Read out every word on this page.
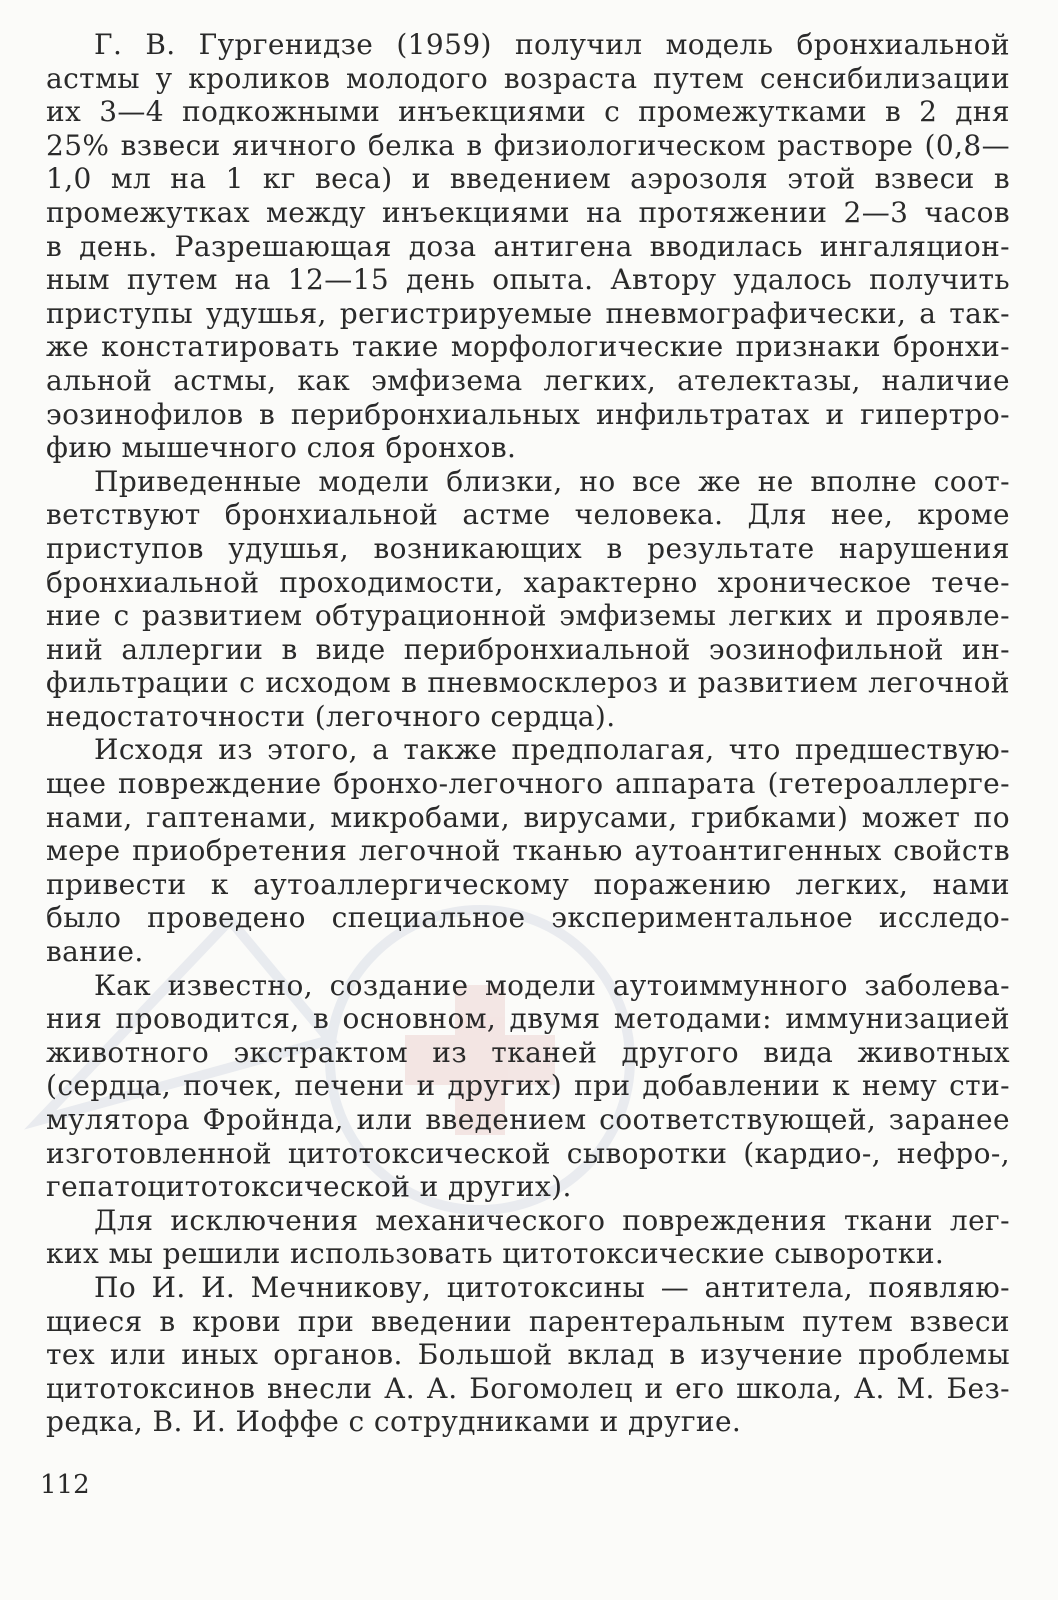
Г. В. Гургенидзе (1959) получил модель бронхиальной
астмы у кроликов молодого возраста путем сенсибилизации
их 3—4 подкожными инъекциями с промежутками в 2 дня
25% взвеси яичного белка в физиологическом растворе (0,8—
1,0 мл на 1 кг веса) и введением аэрозоля этой взвеси в
промежутках между инъекциями на протяжении 2—3 часов
в день. Разрешающая доза антигена вводилась ингаляцион-
ным путем на 12—15 день опыта. Автору удалось получить
приступы удушья, регистрируемые пневмографически, а так-
же констатировать такие морфологические признаки бронхи-
альной астмы, как эмфизема легких, ателектазы, наличие
эозинофилов в перибронхиальных инфильтратах и гипертро-
фию мышечного слоя бронхов.
Приведенные модели близки, но все же не вполне соот-
ветствуют бронхиальной астме человека. Для нее, кроме
приступов удушья, возникающих в результате нарушения
бронхиальной проходимости, характерно хроническое тече-
ние с развитием обтурационной эмфиземы легких и проявле-
ний аллергии в виде перибронхиальной эозинофильной ин-
фильтрации с исходом в пневмосклероз и развитием легочной
недостаточности (легочного сердца).
Исходя из этого, а также предполагая, что предшествую-
щее повреждение бронхо-легочного аппарата (гетероаллерге-
нами, гаптенами, микробами, вирусами, грибками) может по
мере приобретения легочной тканью аутоантигенных свойств
привести к аутоаллергическому поражению легких, нами
было проведено специальное экспериментальное исследо-
вание.
Как известно, создание модели аутоиммунного заболева-
ния проводится, в основном, двумя методами: иммунизацией
животного экстрактом из тканей другого вида животных
(сердца, почек, печени и других) при добавлении к нему сти-
мулятора Фройнда, или введением соответствующей, заранее
изготовленной цитотоксической сыворотки (кардио-, нефро-,
гепатоцитотоксической и других).
Для исключения механического повреждения ткани лег-
ких мы решили использовать цитотоксические сыворотки.
По И. И. Мечникову, цитотоксины — антитела, появляю-
щиеся в крови при введении парентеральным путем взвеси
тех или иных органов. Большой вклад в изучение проблемы
цитотоксинов внесли А. А. Богомолец и его школа, А. М. Без-
редка, В. И. Иоффе с сотрудниками и другие.
112
